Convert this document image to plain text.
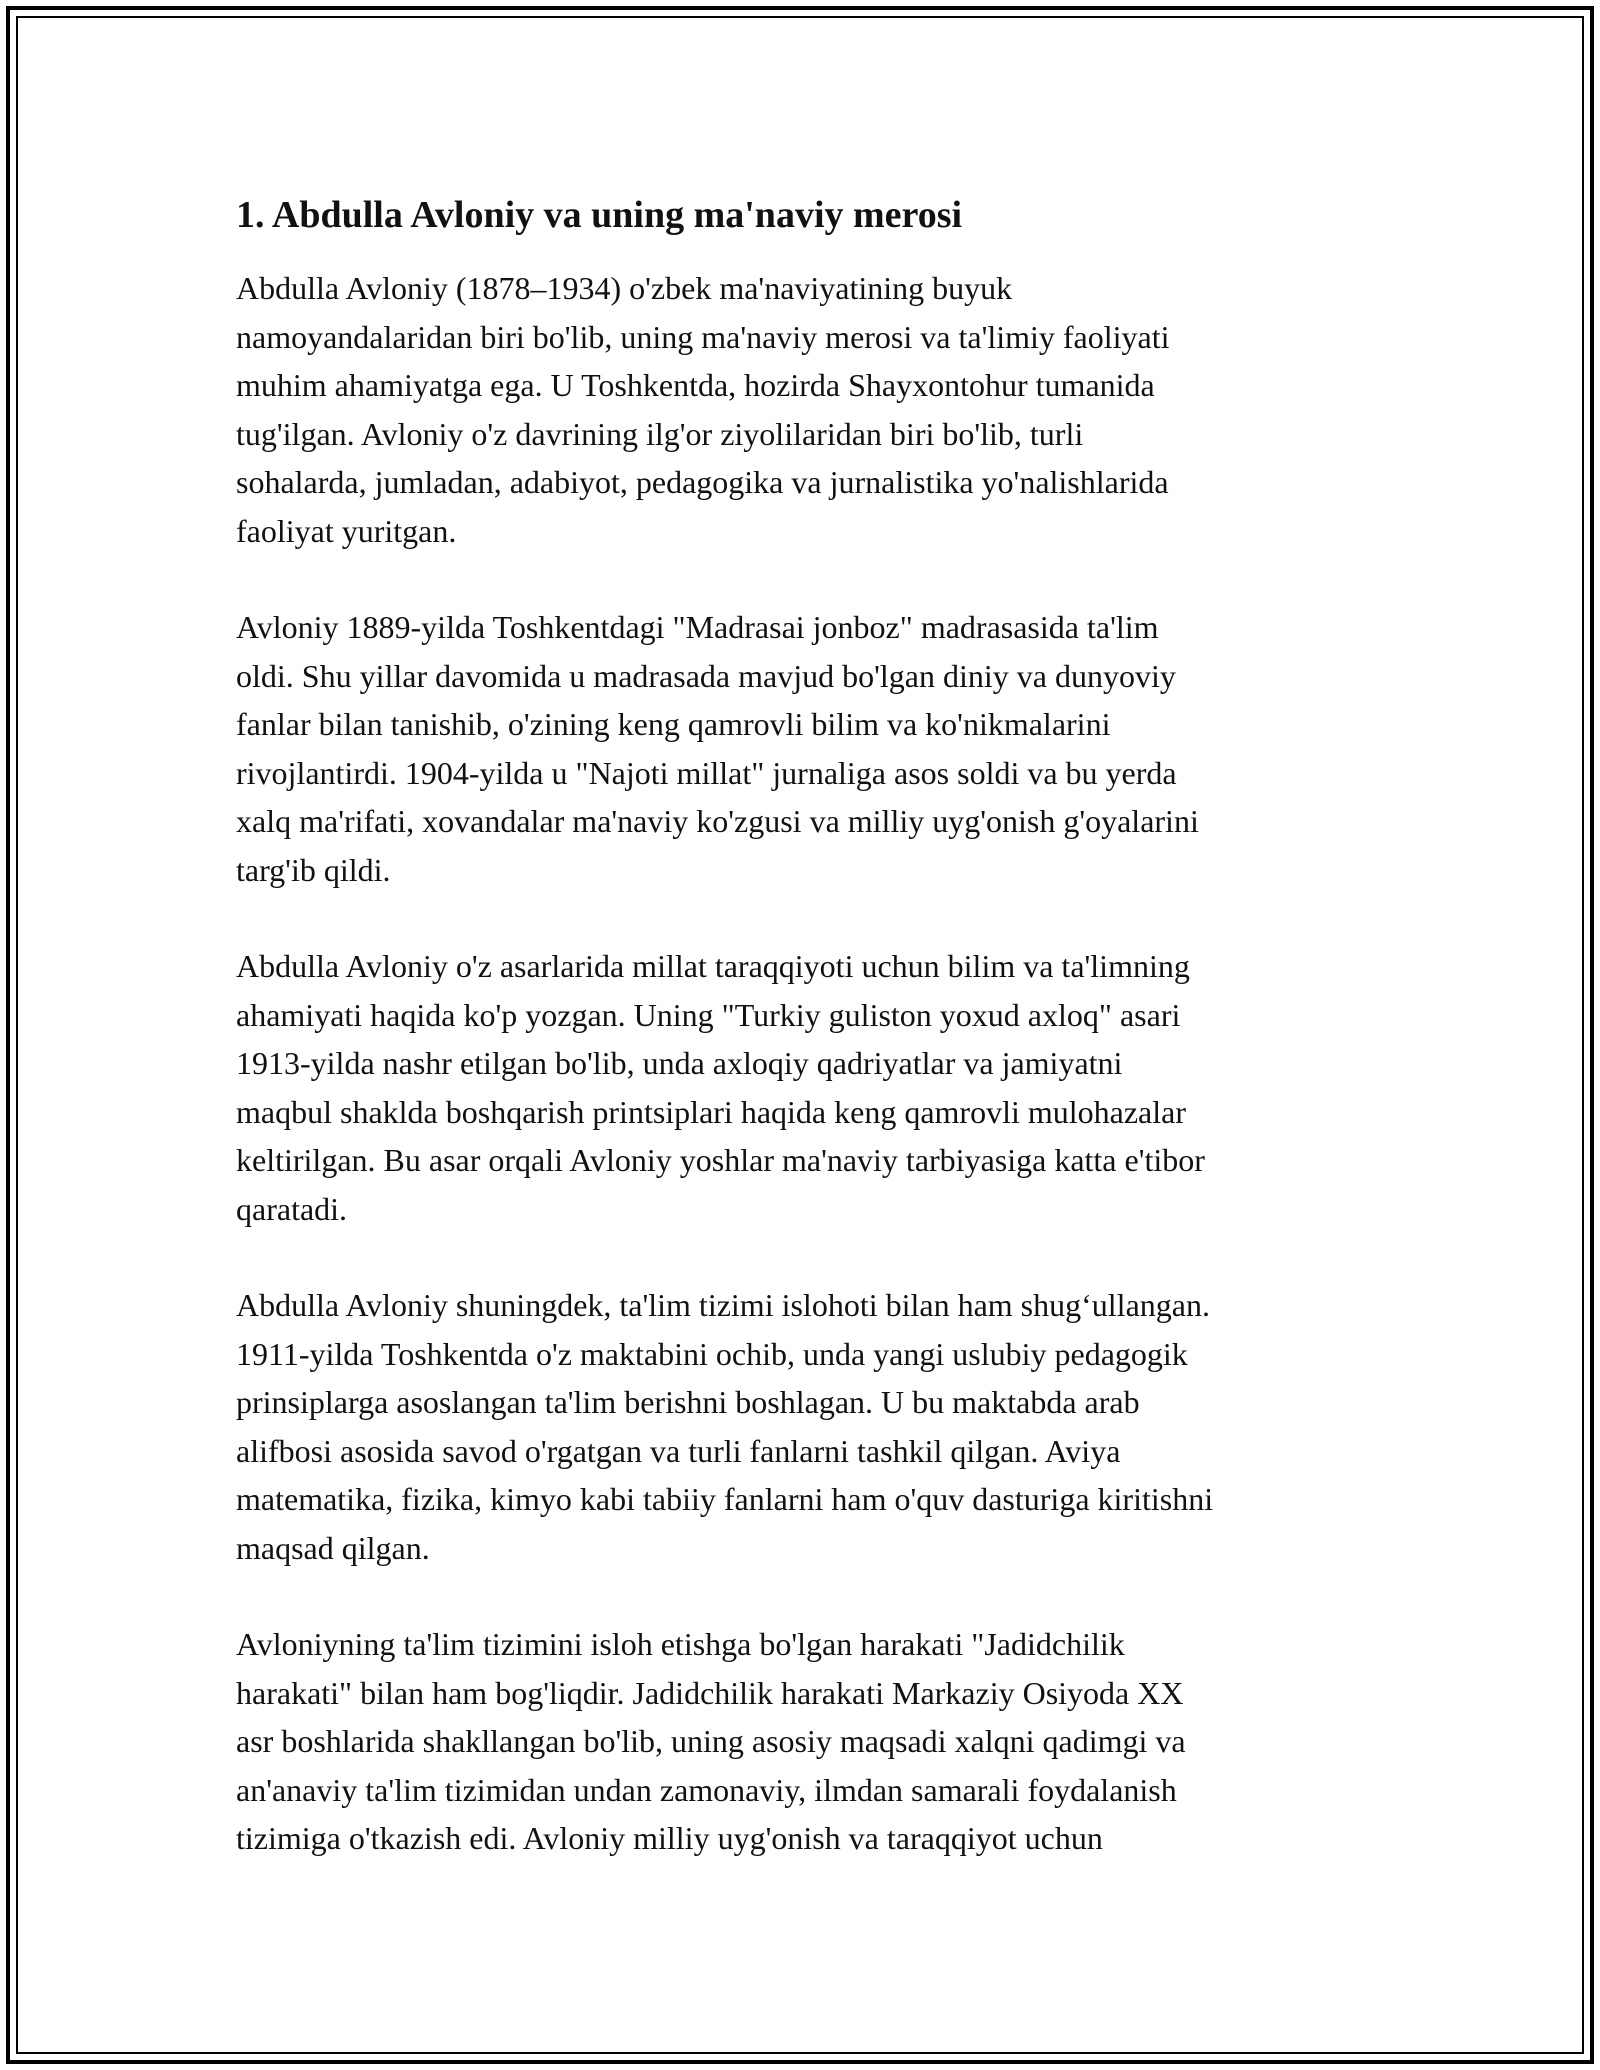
1. Abdulla Avloniy va uning ma'naviy merosi

Abdulla Avloniy (1878–1934) o'zbek ma'naviyatining buyuk
namoyandalaridan biri bo'lib, uning ma'naviy merosi va ta'limiy faoliyati
muhim ahamiyatga ega. U Toshkentda, hozirda Shayxontohur tumanida
tug'ilgan. Avloniy o'z davrining ilg'or ziyolilaridan biri bo'lib, turli
sohalarda, jumladan, adabiyot, pedagogika va jurnalistika yo'nalishlarida
faoliyat yuritgan.

Avloniy 1889-yilda Toshkentdagi "Madrasai jonboz" madrasasida ta'lim
oldi. Shu yillar davomida u madrasada mavjud bo'lgan diniy va dunyoviy
fanlar bilan tanishib, o'zining keng qamrovli bilim va ko'nikmalarini
rivojlantirdi. 1904-yilda u "Najoti millat" jurnaliga asos soldi va bu yerda
xalq ma'rifati, xovandalar ma'naviy ko'zgusi va milliy uyg'onish g'oyalarini
targ'ib qildi.

Abdulla Avloniy o'z asarlarida millat taraqqiyoti uchun bilim va ta'limning
ahamiyati haqida ko'p yozgan. Uning "Turkiy guliston yoxud axloq" asari
1913-yilda nashr etilgan bo'lib, unda axloqiy qadriyatlar va jamiyatni
maqbul shaklda boshqarish printsiplari haqida keng qamrovli mulohazalar
keltirilgan. Bu asar orqali Avloniy yoshlar ma'naviy tarbiyasiga katta e'tibor
qaratadi.

Abdulla Avloniy shuningdek, ta'lim tizimi islohoti bilan ham shug‘ullangan.
1911-yilda Toshkentda o'z maktabini ochib, unda yangi uslubiy pedagogik
prinsiplarga asoslangan ta'lim berishni boshlagan. U bu maktabda arab
alifbosi asosida savod o'rgatgan va turli fanlarni tashkil qilgan. Aviya
matematika, fizika, kimyo kabi tabiiy fanlarni ham o'quv dasturiga kiritishni
maqsad qilgan.

Avloniyning ta'lim tizimini isloh etishga bo'lgan harakati "Jadidchilik
harakati" bilan ham bog'liqdir. Jadidchilik harakati Markaziy Osiyoda XX
asr boshlarida shakllangan bo'lib, uning asosiy maqsadi xalqni qadimgi va
an'anaviy ta'lim tizimidan undan zamonaviy, ilmdan samarali foydalanish
tizimiga o'tkazish edi. Avloniy milliy uyg'onish va taraqqiyot uchun
